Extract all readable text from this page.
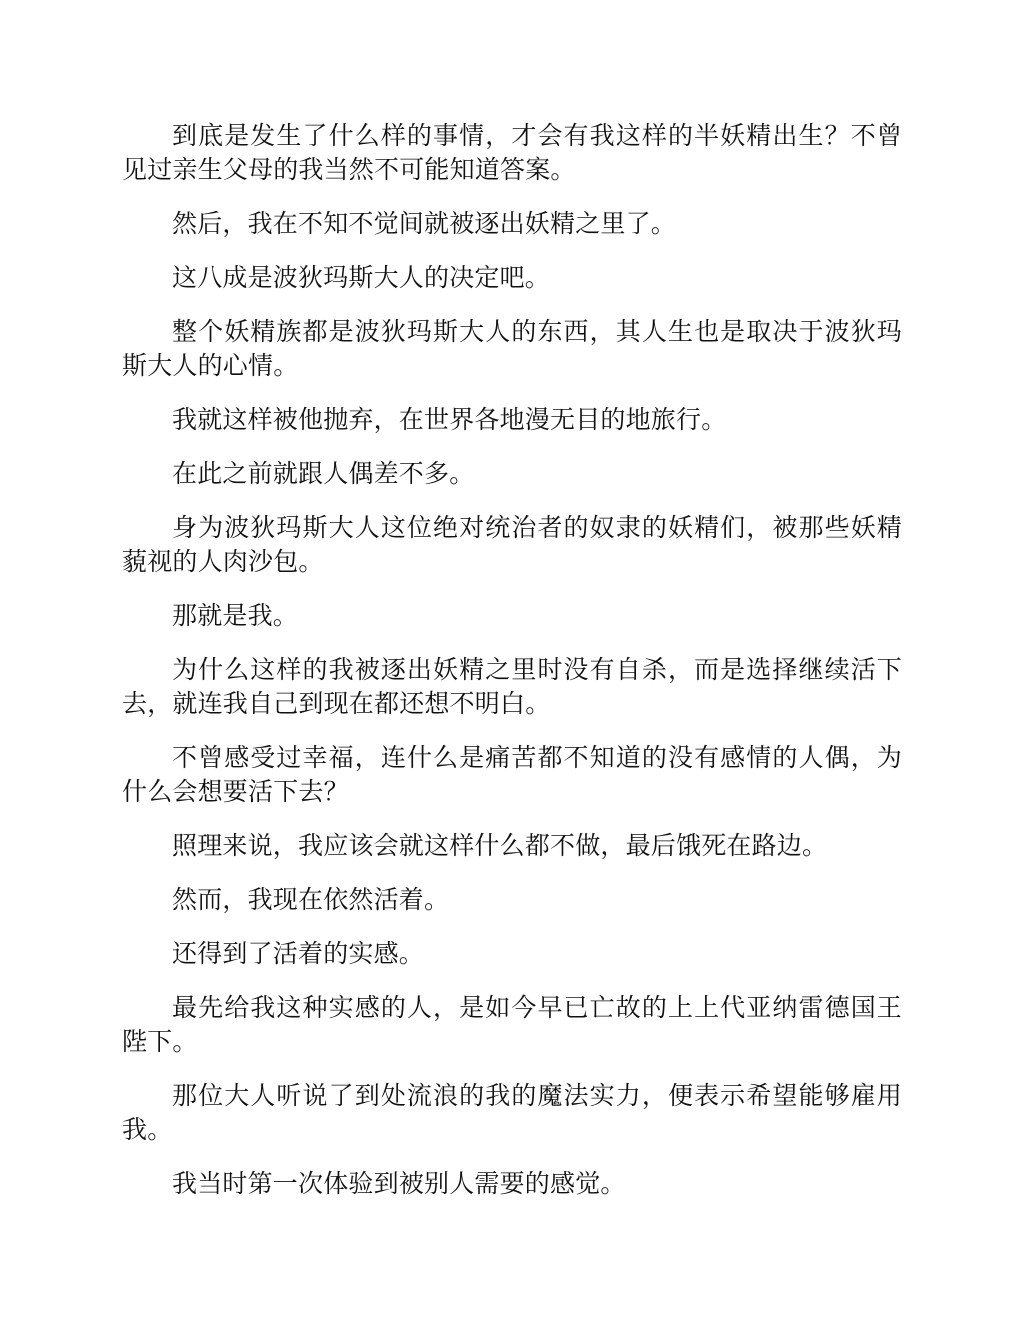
到底是发生了什么样的事情，才会有我这样的半妖精出生？不曾见过亲生父母的我当然不可能知道答案。

然后，我在不知不觉间就被逐出妖精之里了。

这八成是波狄玛斯大人的决定吧。

整个妖精族都是波狄玛斯大人的东西，其人生也是取决于波狄玛斯大人的心情。

我就这样被他抛弃，在世界各地漫无目的地旅行。

在此之前就跟人偶差不多。

身为波狄玛斯大人这位绝对统治者的奴隶的妖精们，被那些妖精藐视的人肉沙包。

那就是我。

为什么这样的我被逐出妖精之里时没有自杀，而是选择继续活下去，就连我自己到现在都还想不明白。

不曾感受过幸福，连什么是痛苦都不知道的没有感情的人偶，为什么会想要活下去？

照理来说，我应该会就这样什么都不做，最后饿死在路边。

然而，我现在依然活着。

还得到了活着的实感。

最先给我这种实感的人，是如今早已亡故的上上代亚纳雷德国王陛下。

那位大人听说了到处流浪的我的魔法实力，便表示希望能够雇用我。

我当时第一次体验到被别人需要的感觉。
